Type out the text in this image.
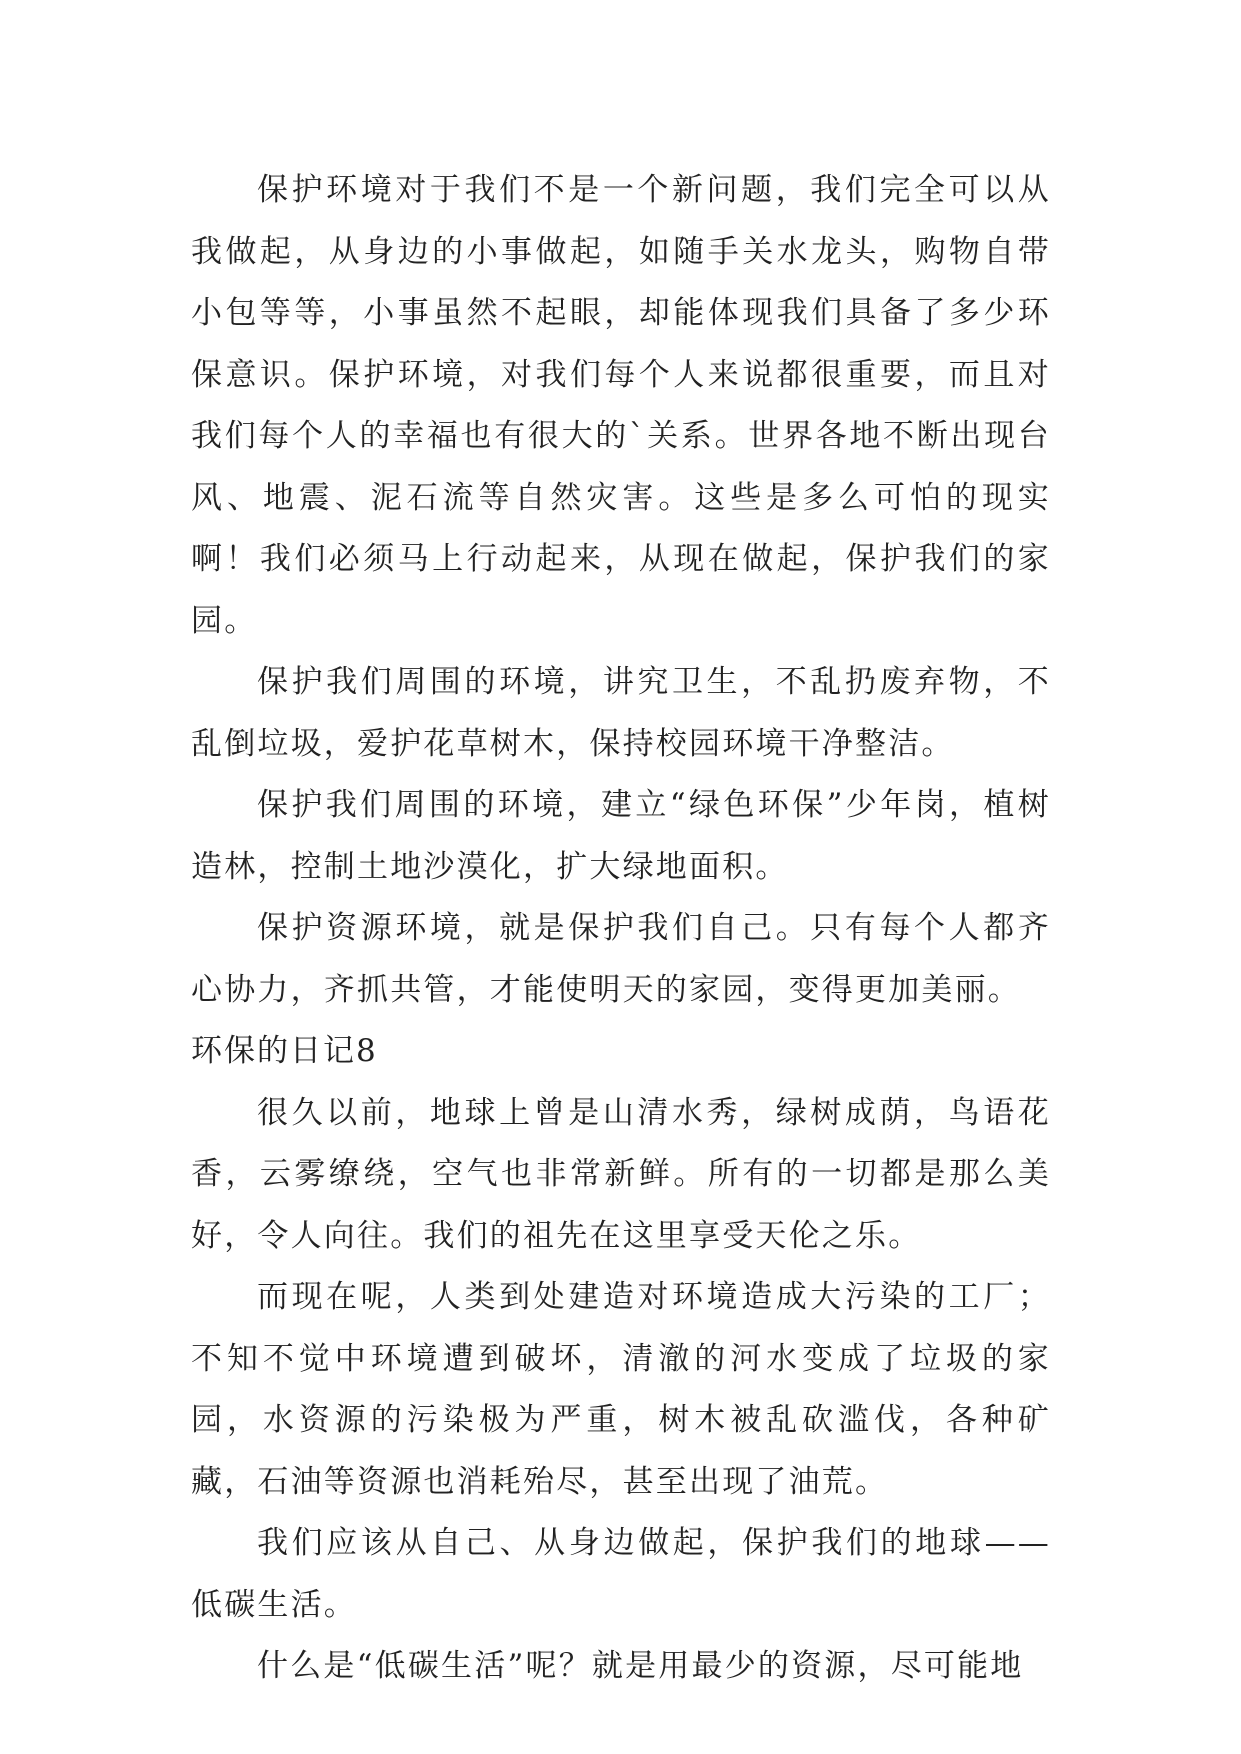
保护环境对于我们不是一个新问题，我们完全可以从我做起，从身边的小事做起，如随手关水龙头，购物自带小包等等，小事虽然不起眼，却能体现我们具备了多少环保意识。保护环境，对我们每个人来说都很重要，而且对我们每个人的幸福也有很大的`关系。世界各地不断出现台风、地震、泥石流等自然灾害。这些是多么可怕的现实啊！我们必须马上行动起来，从现在做起，保护我们的家园。

保护我们周围的环境，讲究卫生，不乱扔废弃物，不乱倒垃圾，爱护花草树木，保持校园环境干净整洁。

保护我们周围的环境，建立“绿色环保”少年岗，植树造林，控制土地沙漠化，扩大绿地面积。

保护资源环境，就是保护我们自己。只有每个人都齐心协力，齐抓共管，才能使明天的家园，变得更加美丽。

环保的日记8

很久以前，地球上曾是山清水秀，绿树成荫，鸟语花香，云雾缭绕，空气也非常新鲜。所有的一切都是那么美好，令人向往。我们的祖先在这里享受天伦之乐。

而现在呢，人类到处建造对环境造成大污染的工厂；不知不觉中环境遭到破坏，清澈的河水变成了垃圾的家园，水资源的污染极为严重，树木被乱砍滥伐，各种矿藏，石油等资源也消耗殆尽，甚至出现了油荒。

我们应该从自己、从身边做起，保护我们的地球——低碳生活。

什么是“低碳生活”呢？就是用最少的资源，尽可能地
